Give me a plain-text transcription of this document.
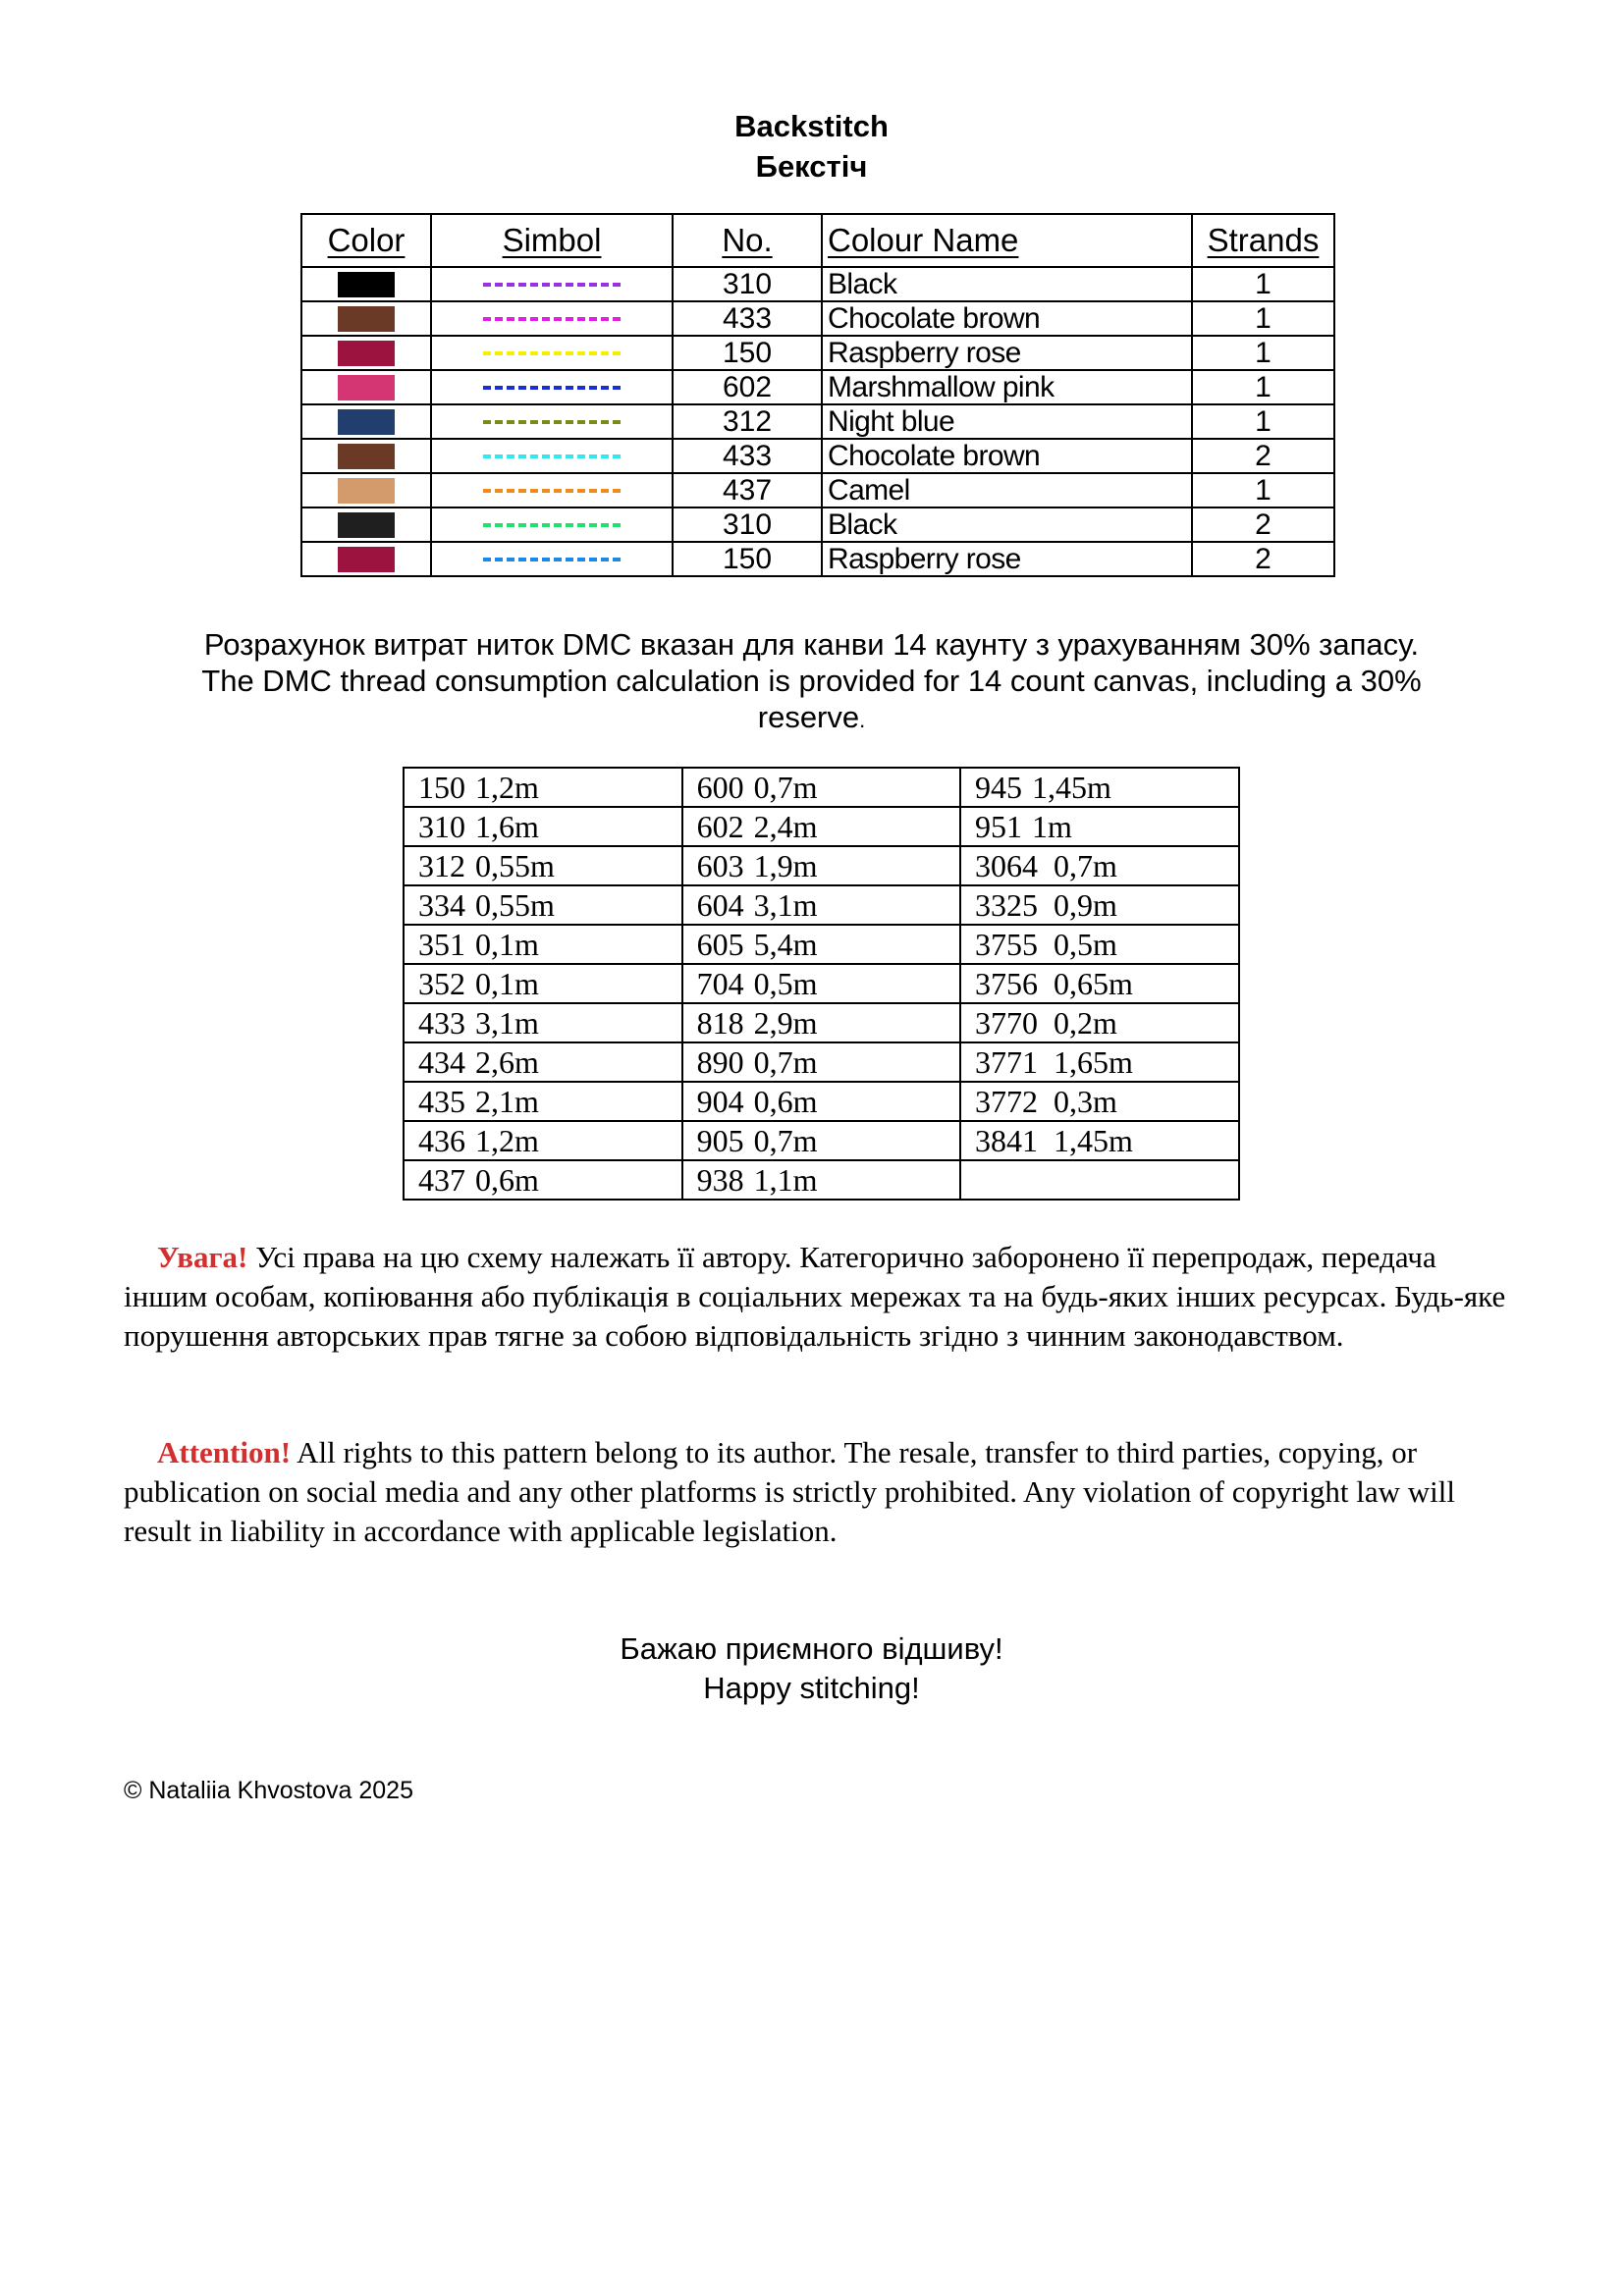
Backstitch
Бекстіч
Color	Simbol	No.	Colour Name	Strands

	310	Black	1

	433	Chocolate brown	1

	150	Raspberry rose	1

	602	Marshmallow pink	1

	312	Night blue	1

	433	Chocolate brown	2

	437	Camel	1

	310	Black	2

	150	Raspberry rose	2
Розрахунок витрат ниток DMC вказан для канви 14 каунту з урахуванням 30% запасу.
The DMC thread consumption calculation is provided for 14 count canvas, including a 30%
reserve.
150 1,2m	600 0,7m	945 1,45m
310 1,6m	602 2,4m	951 1m
312 0,55m	603 1,9m	3064 0,7m
334 0,55m	604 3,1m	3325 0,9m
351 0,1m	605 5,4m	3755 0,5m
352 0,1m	704 0,5m	3756 0,65m
433 3,1m	818 2,9m	3770 0,2m
434 2,6m	890 0,7m	3771 1,65m
435 2,1m	904 0,6m	3772 0,3m
436 1,2m	905 0,7m	3841 1,45m
437 0,6m	938 1,1m	
Увага! Усі права на цю схему належать її автору. Категорично заборонено її перепродаж, передача іншим особам, копіювання або публікація в соціальних мережах та на будь-яких інших ресурсах. Будь-яке порушення авторських прав тягне за собою відповідальність згідно з чинним законодавством.
Attention! All rights to this pattern belong to its author. The resale, transfer to third parties, copying, or publication on social media and any other platforms is strictly prohibited. Any violation of copyright law will result in liability in accordance with applicable legislation.
Бажаю приємного відшиву!
Happy stitching!
© Nataliia Khvostova 2025
